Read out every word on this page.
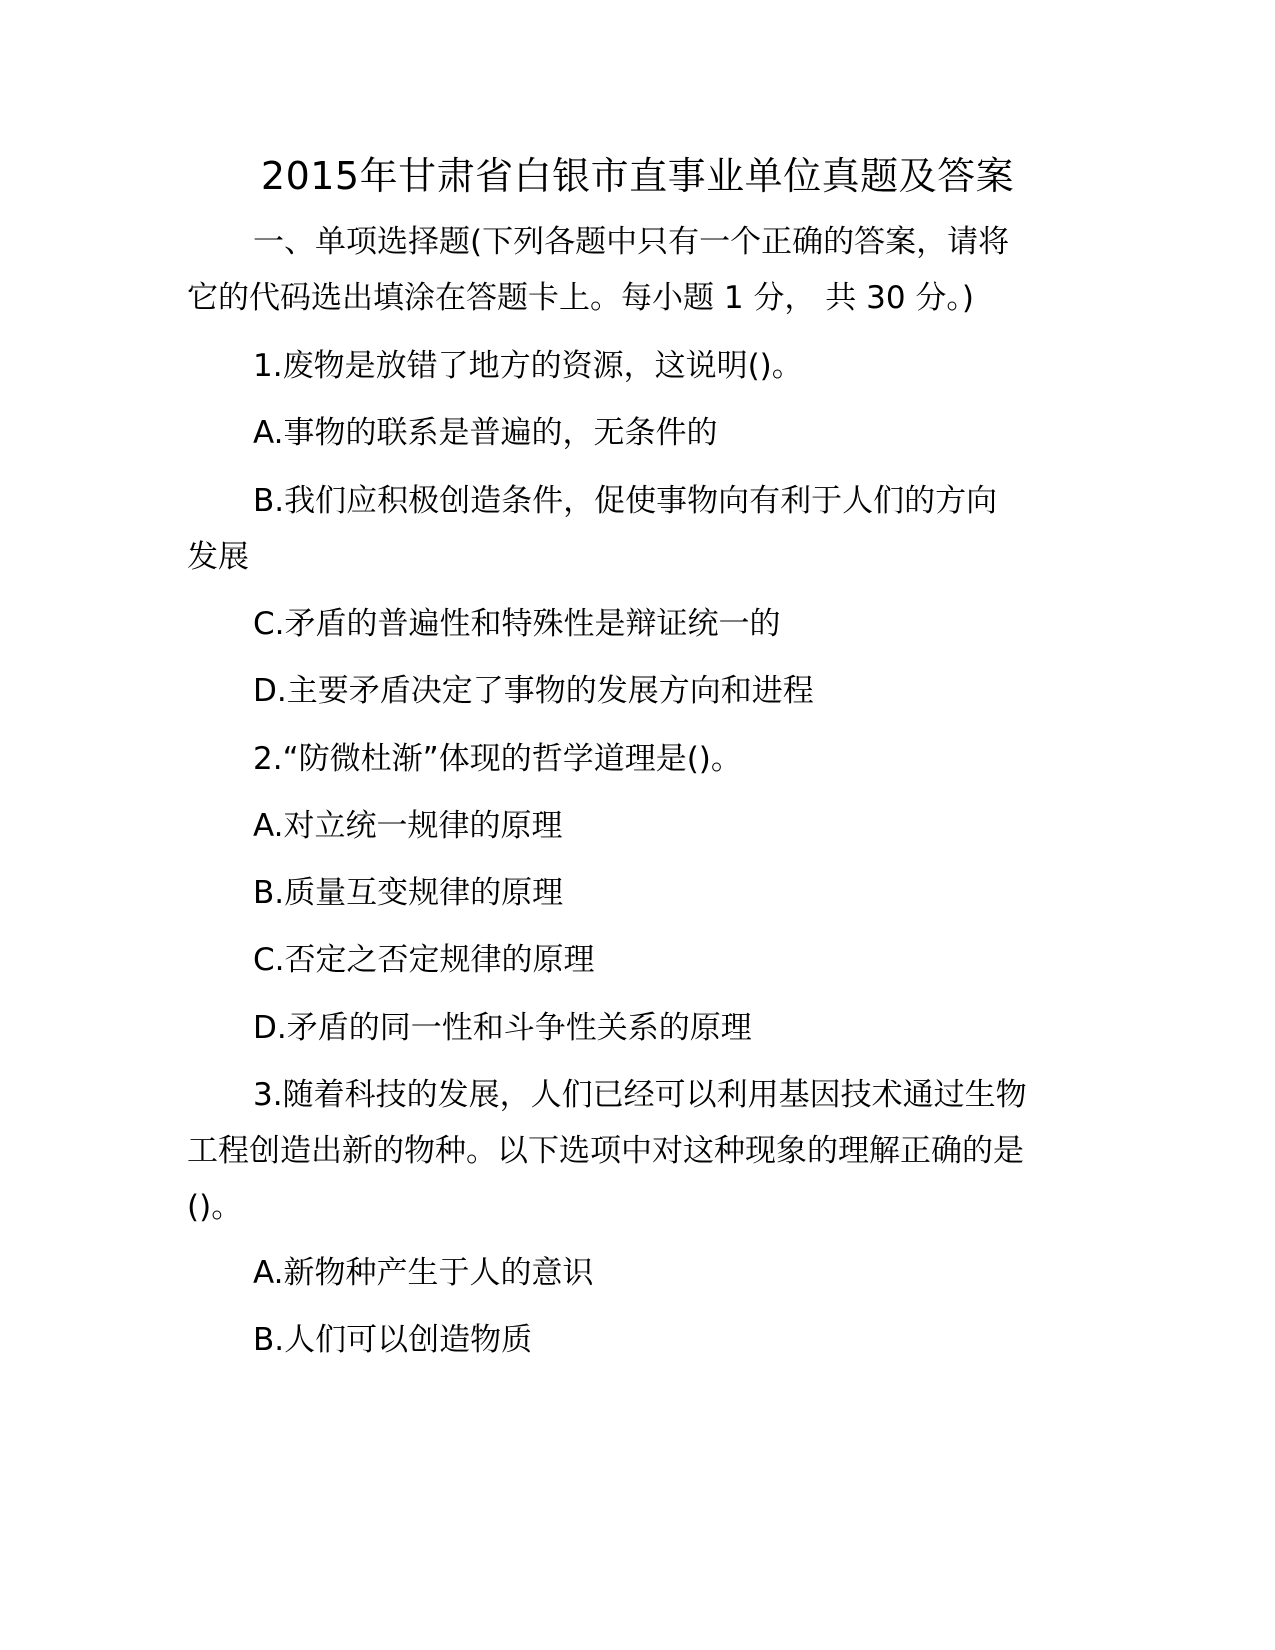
2015年甘肃省白银市直事业单位真题及答案
一、单项选择题(下列各题中只有一个正确的答案，请将
它的代码选出填涂在答题卡上。每小题 1 分， 共 30 分。)
1.废物是放错了地方的资源，这说明()。
A.事物的联系是普遍的，无条件的
B.我们应积极创造条件，促使事物向有利于人们的方向
发展
C.矛盾的普遍性和特殊性是辩证统一的
D.主要矛盾决定了事物的发展方向和进程
2.“防微杜渐”体现的哲学道理是()。
A.对立统一规律的原理
B.质量互变规律的原理
C.否定之否定规律的原理
D.矛盾的同一性和斗争性关系的原理
3.随着科技的发展，人们已经可以利用基因技术通过生物
工程创造出新的物种。以下选项中对这种现象的理解正确的是
()。
A.新物种产生于人的意识
B.人们可以创造物质
